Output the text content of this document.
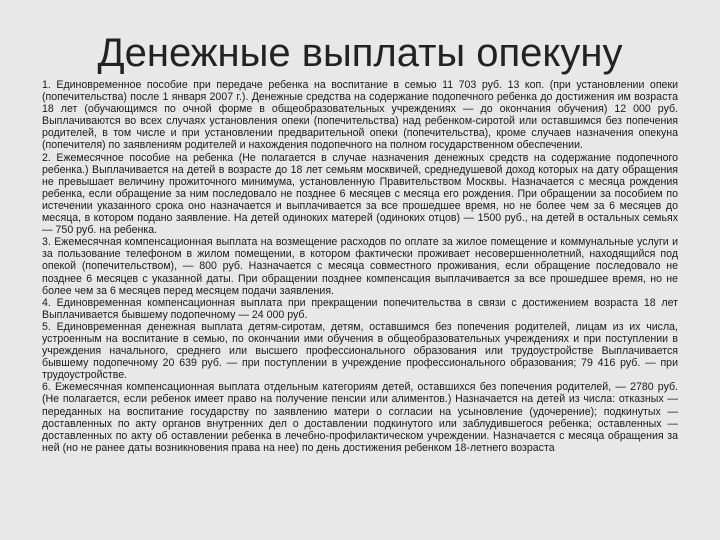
Денежные выплаты опекуну

1. Единовременное пособие при передаче ребенка на воспитание в семью 11 703 руб. 13 коп. (при установлении опеки (попечительства) после 1 января 2007 г.). Денежные средства на содержание подопечного ребенка до достижения им возраста 18 лет (обучающимся по очной форме в общеобразовательных учреждениях — до окончания обучения) 12 000 руб. Выплачиваются во всех случаях установления опеки (попечительства) над ребенком-сиротой или оставшимся без попечения родителей, в том числе и при установлении предварительной опеки (попечительства), кроме случаев назначения опекуна (попечителя) по заявлениям родителей и нахождения подопечного на полном государственном обеспечении.

2. Ежемесячное пособие на ребенка (Не полагается в случае назначения денежных средств на содержание подопечного ребенка.) Выплачивается на детей в возрасте до 18 лет семьям москвичей, среднедушевой доход которых на дату обращения не превышает величину прожиточного минимума, установленную Правительством Москвы. Назначается с месяца рождения ребенка, если обращение за ним последовало не позднее 6 месяцев с месяца его рождения. При обращении за пособием по истечении указанного срока оно назначается и выплачивается за все прошедшее время, но не более чем за 6 месяцев до месяца, в котором подано заявление. На детей одиноких матерей (одиноких отцов) — 1500 руб., на детей в остальных семьях — 750 руб. на ребенка.

3. Ежемесячная компенсационная выплата на возмещение расходов по оплате за жилое помещение и коммунальные услуги и за пользование телефоном в жилом помещении, в котором фактически проживает несовершеннолетний, находящийся под опекой (попечительством), — 800 руб. Назначается с месяца совместного проживания, если обращение последовало не позднее 6 месяцев с указанной даты. При обращении позднее компенсация выплачивается за все прошедшее время, но не более чем за 6 месяцев перед месяцем подачи заявления.

4. Единовременная компенсационная выплата при прекращении попечительства в связи с достижением возраста 18 лет Выплачивается бывшему подопечному — 24 000 руб.

5. Единовременная денежная выплата детям-сиротам, детям, оставшимся без попечения родителей, лицам из их числа, устроенным на воспитание в семью, по окончании ими обучения в общеобразовательных учреждениях и при поступлении в учреждения начального, среднего или высшего профессионального образования или трудоустройстве Выплачивается бывшему подопечному 20 639 руб. — при поступлении в учреждение профессионального образования; 79 416 руб. — при трудоустройстве.

6. Ежемесячная компенсационная выплата отдельным категориям детей, оставшихся без попечения родителей, — 2780 руб. (Не полагается, если ребенок имеет право на получение пенсии или алиментов.) Назначается на детей из числа: отказных — переданных на воспитание государству по заявлению матери о согласии на усыновление (удочерение); подкинутых — доставленных по акту органов внутренних дел о доставлении подкинутого или заблудившегося ребенка; оставленных — доставленных по акту об оставлении ребенка в лечебно-профилактическом учреждении. Назначается с месяца обращения за ней (но не ранее даты возникновения права на нее) по день достижения ребенком 18-летнего возраста
